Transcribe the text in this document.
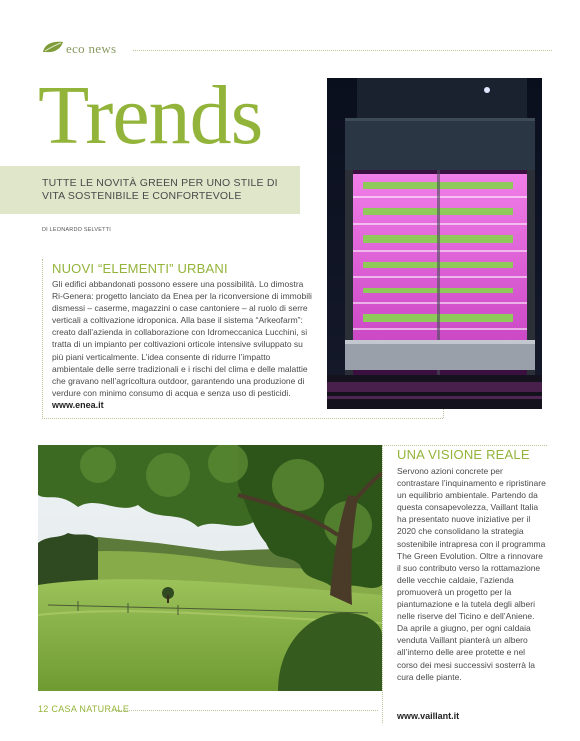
eco news
Trends
TUTTE LE NOVITÀ GREEN PER UNO STILE DI VITA SOSTENIBILE E CONFORTEVOLE
DI LEONARDO SELVETTI
NUOVI “ELEMENTI” URBANI

Gli edifici abbandonati possono essere una possibilità. Lo dimostra Ri-Genera: progetto lanciato da Enea per la riconversione di immobili dismessi – caserme, magazzini o case cantoniere – al ruolo di serre verticali a coltivazione idroponica. Alla base il sistema “Arkeofarm”: creato dall’azienda in collaborazione con Idromeccanica Lucchini, si tratta di un impianto per coltivazioni orticole intensive sviluppato su più piani verticalmente. L’idea consente di ridurre l’impatto ambientale delle serre tradizionali e i rischi del clima e delle malattie che gravano nell’agricoltura outdoor, garantendo una produzione di verdure con minimo consumo di acqua e senza uso di pesticidi.

www.enea.it
UNA VISIONE REALE

Servono azioni concrete per contrastare l’inquinamento e ripristinare un equilibrio ambientale. Partendo da questa consapevolezza, Vaillant Italia ha presentato nuove iniziative per il 2020 che consolidano la strategia sostenibile intrapresa con il programma The Green Evolution. Oltre a rinnovare il suo contributo verso la rottamazione delle vecchie caldaie, l’azienda promuoverà un progetto per la piantumazione e la tutela degli alberi nelle riserve del Ticino e dell’Aniene. Da aprile a giugno, per ogni caldaia venduta Vaillant pianterà un albero all’interno delle aree protette e nel corso dei mesi successivi sosterrà la cura delle piante.

www.vaillant.it
12 CASA NATURALE
